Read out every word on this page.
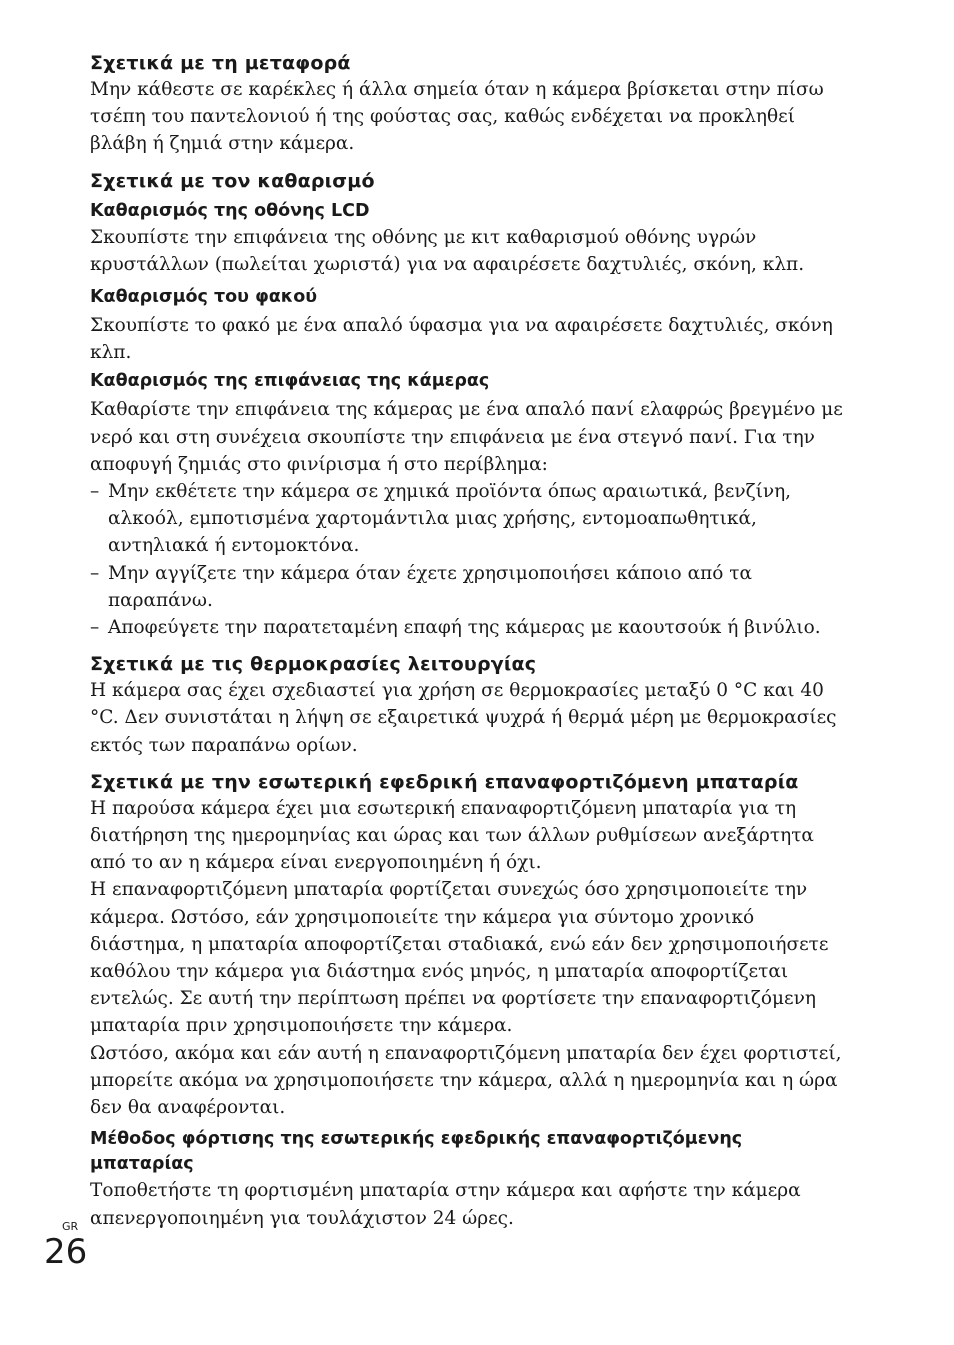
Σχετικά με τη μεταφορά

Μην κάθεστε σε καρέκλες ή άλλα σημεία όταν η κάμερα βρίσκεται στην πίσω τσέπη του παντελονιού ή της φούστας σας, καθώς ενδέχεται να προκληθεί βλάβη ή ζημιά στην κάμερα.

Σχετικά με τον καθαρισμό
Καθαρισμός της οθόνης LCD

Σκουπίστε την επιφάνεια της οθόνης με κιτ καθαρισμού οθόνης υγρών κρυστάλλων (πωλείται χωριστά) για να αφαιρέσετε δαχτυλιές, σκόνη, κλπ.

Καθαρισμός του φακού

Σκουπίστε το φακό με ένα απαλό ύφασμα για να αφαιρέσετε δαχτυλιές, σκόνη κλπ.

Καθαρισμός της επιφάνειας της κάμερας

Καθαρίστε την επιφάνεια της κάμερας με ένα απαλό πανί ελαφρώς βρεγμένο με νερό και στη συνέχεια σκουπίστε την επιφάνεια με ένα στεγνό πανί. Για την αποφυγή ζημιάς στο φινίρισμα ή στο περίβλημα:

– Μην εκθέτετε την κάμερα σε χημικά προϊόντα όπως αραιωτικά, βενζίνη, αλκοόλ, εμποτισμένα χαρτομάντιλα μιας χρήσης, εντομοαπωθητικά, αντηλιακά ή εντομοκτόνα.
– Μην αγγίζετε την κάμερα όταν έχετε χρησιμοποιήσει κάποιο από τα παραπάνω.
– Αποφεύγετε την παρατεταμένη επαφή της κάμερας με καουτσούκ ή βινύλιο.
Σχετικά με τις θερμοκρασίες λειτουργίας

Η κάμερα σας έχει σχεδιαστεί για χρήση σε θερμοκρασίες μεταξύ 0 °C και 40 °C. Δεν συνιστάται η λήψη σε εξαιρετικά ψυχρά ή θερμά μέρη με θερμοκρασίες εκτός των παραπάνω ορίων.

Σχετικά με την εσωτερική εφεδρική επαναφορτιζόμενη μπαταρία

Η παρούσα κάμερα έχει μια εσωτερική επαναφορτιζόμενη μπαταρία για τη διατήρηση της ημερομηνίας και ώρας και των άλλων ρυθμίσεων ανεξάρτητα από το αν η κάμερα είναι ενεργοποιημένη ή όχι.

Η επαναφορτιζόμενη μπαταρία φορτίζεται συνεχώς όσο χρησιμοποιείτε την κάμερα. Ωστόσο, εάν χρησιμοποιείτε την κάμερα για σύντομο χρονικό διάστημα, η μπαταρία αποφορτίζεται σταδιακά, ενώ εάν δεν χρησιμοποιήσετε καθόλου την κάμερα για διάστημα ενός μηνός, η μπαταρία αποφορτίζεται εντελώς. Σε αυτή την περίπτωση πρέπει να φορτίσετε την επαναφορτιζόμενη μπαταρία πριν χρησιμοποιήσετε την κάμερα.

Ωστόσο, ακόμα και εάν αυτή η επαναφορτιζόμενη μπαταρία δεν έχει φορτιστεί, μπορείτε ακόμα να χρησιμοποιήσετε την κάμερα, αλλά η ημερομηνία και η ώρα δεν θα αναφέρονται.

Μέθοδος φόρτισης της εσωτερικής εφεδρικής επαναφορτιζόμενης μπαταρίας

Τοποθετήστε τη φορτισμένη μπαταρία στην κάμερα και αφήστε την κάμερα απενεργοποιημένη για τουλάχιστον 24 ώρες.

GR
26
